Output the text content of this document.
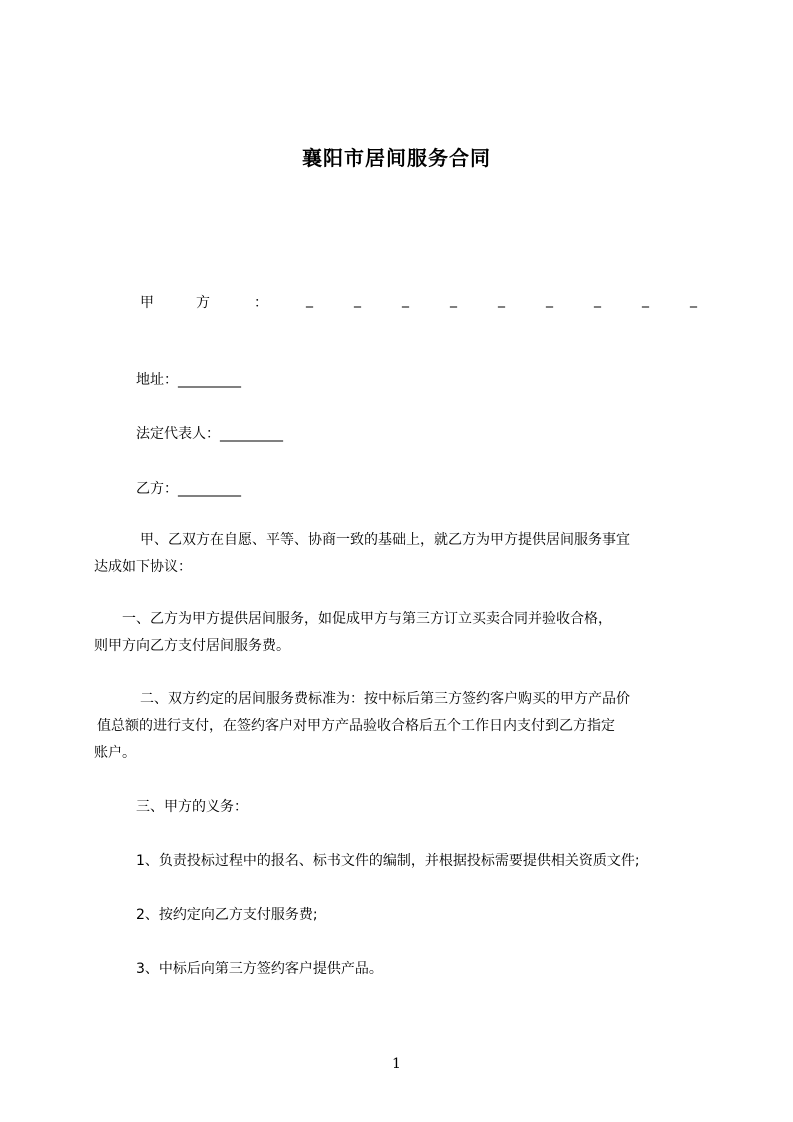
襄阳市居间服务合同
甲	方	：	_	_	_	_	_	_	_	_	_
地址：_________
法定代表人：_________
乙方：_________
甲、乙双方在自愿、平等、协商一致的基础上，就乙方为甲方提供居间服务事宜
达成如下协议：
一、乙方为甲方提供居间服务，如促成甲方与第三方订立买卖合同并验收合格，
则甲方向乙方支付居间服务费。
二、双方约定的居间服务费标准为：按中标后第三方签约客户购买的甲方产品价
值总额的进行支付，在签约客户对甲方产品验收合格后五个工作日内支付到乙方指定
账户。
三、甲方的义务：
1、负责投标过程中的报名、标书文件的编制，并根据投标需要提供相关资质文件;
2、按约定向乙方支付服务费;
3、中标后向第三方签约客户提供产品。
1
